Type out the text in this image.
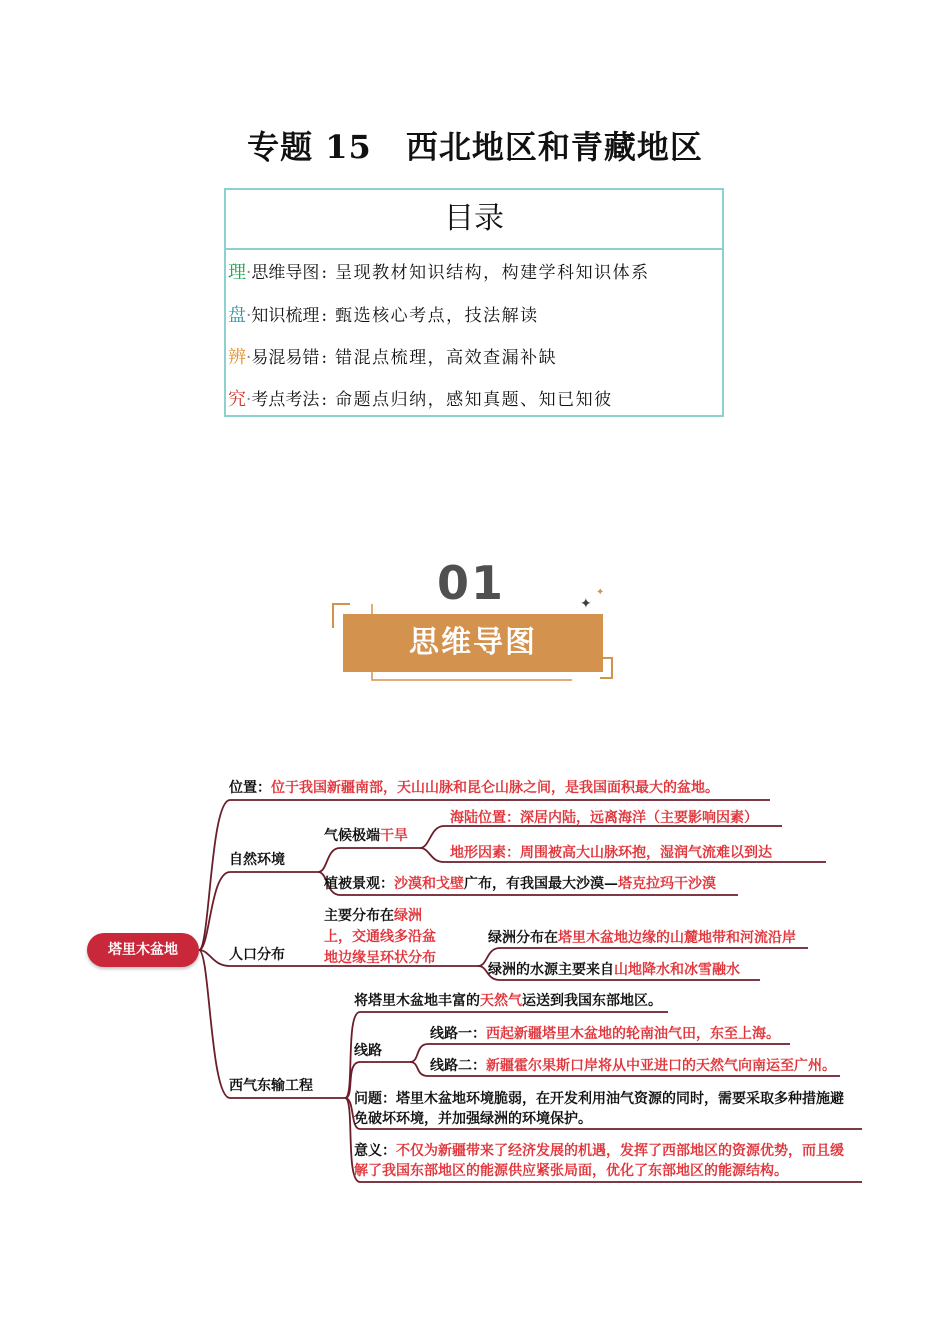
专题 15 西北地区和青藏地区
目录
理·思维导图 : 呈现教材知识结构，构建学科知识体系
盘·知识梳理 : 甄选核心考点，技法解读
辨·易混易错 : 错混点梳理，高效查漏补缺
究·考点考法 : 命题点归纳，感知真题、知已知彼
01	✦
✦
思维导图
塔里木盆地
位置：位于我国新疆南部，天山山脉和昆仑山脉之间，是我国面积最大的盆地。
自然环境
气候极端干旱
海陆位置：深居内陆，远离海洋（主要影响因素）
地形因素：周围被高大山脉环抱，湿润气流难以到达
植被景观：沙漠和戈壁广布，有我国最大沙漠—塔克拉玛干沙漠
人口分布
主要分布在绿洲
上，交通线多沿盆
地边缘呈环状分布
绿洲分布在塔里木盆地边缘的山麓地带和河流沿岸
绿洲的水源主要来自山地降水和冰雪融水
西气东输工程
将塔里木盆地丰富的天然气运送到我国东部地区。
线路
线路一：西起新疆塔里木盆地的轮南油气田，东至上海。
线路二：新疆霍尔果斯口岸将从中亚进口的天然气向南运至广州。
问题：塔里木盆地环境脆弱，在开发利用油气资源的同时，需要采取多种措施避
免破坏环境，并加强绿洲的环境保护。
意义：不仅为新疆带来了经济发展的机遇，发挥了西部地区的资源优势，而且缓
解了我国东部地区的能源供应紧张局面，优化了东部地区的能源结构。
